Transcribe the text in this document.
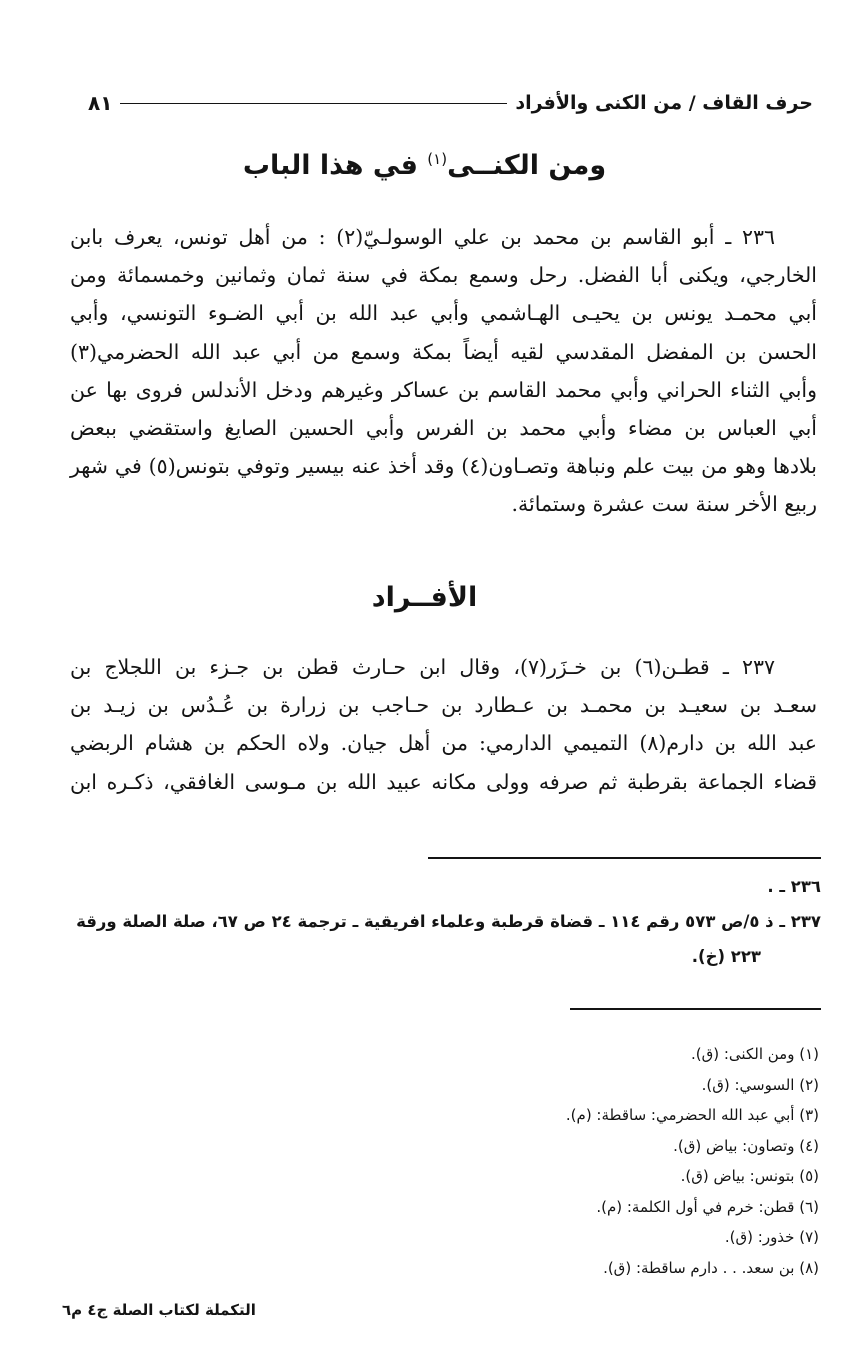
حرف القاف / من الكنى والأفراد
٨١
ومن الكنــى$^{(١)}$ في هذا الباب
٢٣٦ ـ أبو القاسم بن محمد بن علي الوسولـيّ(٢) : من أهل تونس، يعرف بابن
الخارجي، ويكنى أبا الفضل. رحل وسمع بمكة في سنة ثمان وثمانين وخمسمائة ومن
أبي محمـد يونس بن يحيـى الهـاشمي وأبي عبد الله بن أبي الضـوء التونسي، وأبي
الحسن بن المفضل المقدسي لقيه أيضاً بمكة وسمع من أبي عبد الله الحضرمي(٣)
وأبي الثناء الحراني وأبي محمد القاسم بن عساكر وغيرهم ودخل الأندلس فروى بها عن
أبي العباس بن مضاء وأبي محمد بن الفرس وأبي الحسين الصايغ واستقضي ببعض
بلادها وهو من بيت علم ونباهة وتصـاون(٤) وقد أخذ عنه بيسير وتوفي بتونس(٥) في شهر
ربيع الأخر سنة ست عشرة وستمائة.
الأفــراد
٢٣٧ ـ قطـن(٦) بن خـزَر(٧)، وقال ابن حـارث قطن بن جـزء بن اللجلاج بن
سعـد بن سعيـد بن محمـد بن عـطارد بن حـاجب بن زرارة بن عُـدُس بن زيـد بن
عبد الله بن دارم(٨) التميمي الدارمي: من أهل جيان. ولاه الحكم بن هشام الربضي
قضاء الجماعة بقرطبة ثم صرفه وولى مكانه عبيد الله بن مـوسى الغافقي، ذكـره ابن
٢٣٦ ـ .
٢٣٧ ـ ذ ٥/ص ٥٧٣ رقم ١١٤ ـ قضاة قرطبة وعلماء افريقية ـ ترجمة ٢٤ ص ٦٧، صلة الصلة ورقة
٢٢٣ (خ).
(١) ومن الكنى: (ق).
(٢) السوسي: (ق).
(٣) أبي عبد الله الحضرمي: ساقطة: (م).
(٤) وتصاون: بياض (ق).
(٥) بتونس: بياض (ق).
(٦) قطن: خرم في أول الكلمة: (م).
(٧) خذور: (ق).
(٨) بن سعد. . . دارم ساقطة: (ق).
التكملة لكتاب الصلة ج٤ م٦
